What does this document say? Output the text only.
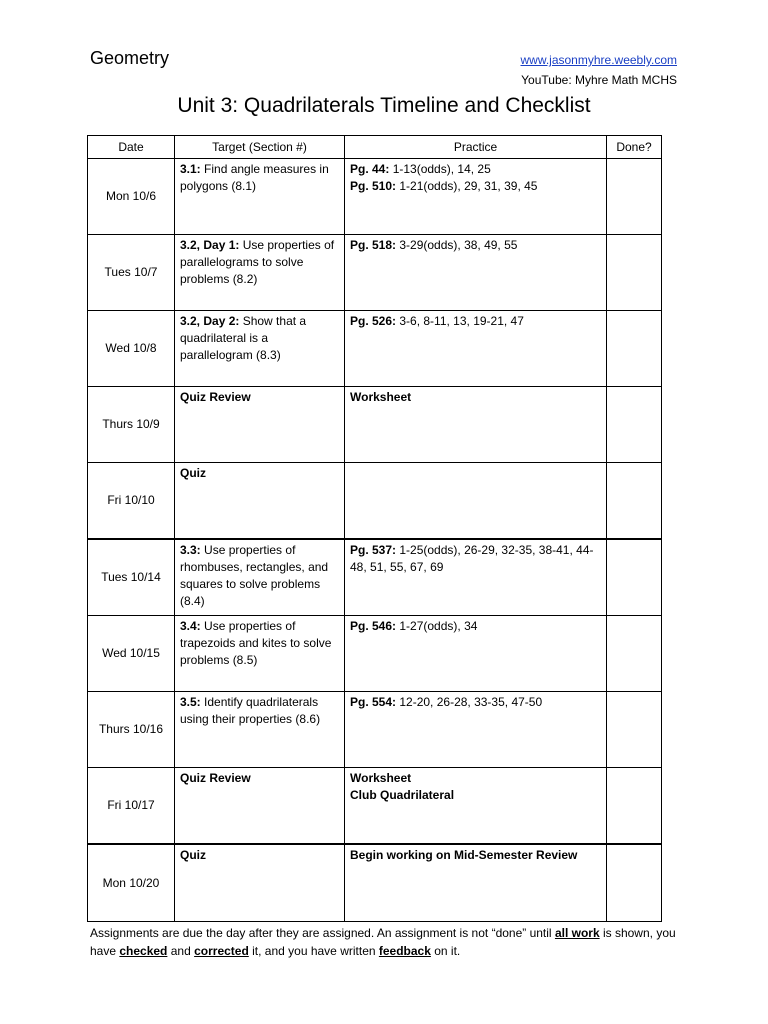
Geometry	www.jasonmyhre.weebly.com
YouTube: Myhre Math MCHS
Unit 3: Quadrilaterals Timeline and Checklist
Date	Target (Section #)	Practice	Done?
Mon 10/6	3.1: Find angle measures in polygons (8.1)	Pg. 44: 1-13(odds), 14, 25
Pg. 510: 1-21(odds), 29, 31, 39, 45	

Tues 10/7	3.2, Day 1: Use properties of parallelograms to solve problems (8.2)	Pg. 518: 3-29(odds), 38, 49, 55	

Wed 10/8	3.2, Day 2: Show that a quadrilateral is a parallelogram (8.3)	Pg. 526: 3-6, 8-11, 13, 19-21, 47	

Thurs 10/9	Quiz Review	Worksheet	

Fri 10/10	Quiz		
Tues 10/14	3.3: Use properties of rhombuses, rectangles, and squares to solve problems (8.4)	Pg. 537: 1-25(odds), 26-29, 32-35, 38-41, 44-48, 51, 55, 67, 69	

Wed 10/15	3.4: Use properties of trapezoids and kites to solve problems (8.5)	Pg. 546: 1-27(odds), 34	

Thurs 10/16	3.5: Identify quadrilaterals using their properties (8.6)	Pg. 554: 12-20, 26-28, 33-35, 47-50	

Fri 10/17	Quiz Review	Worksheet
Club Quadrilateral	

Mon 10/20	Quiz	Begin working on Mid-Semester Review	

Assignments are due the day after they are assigned. An assignment is not “done” until all work is shown, you have checked and corrected it, and you have written feedback on it.
